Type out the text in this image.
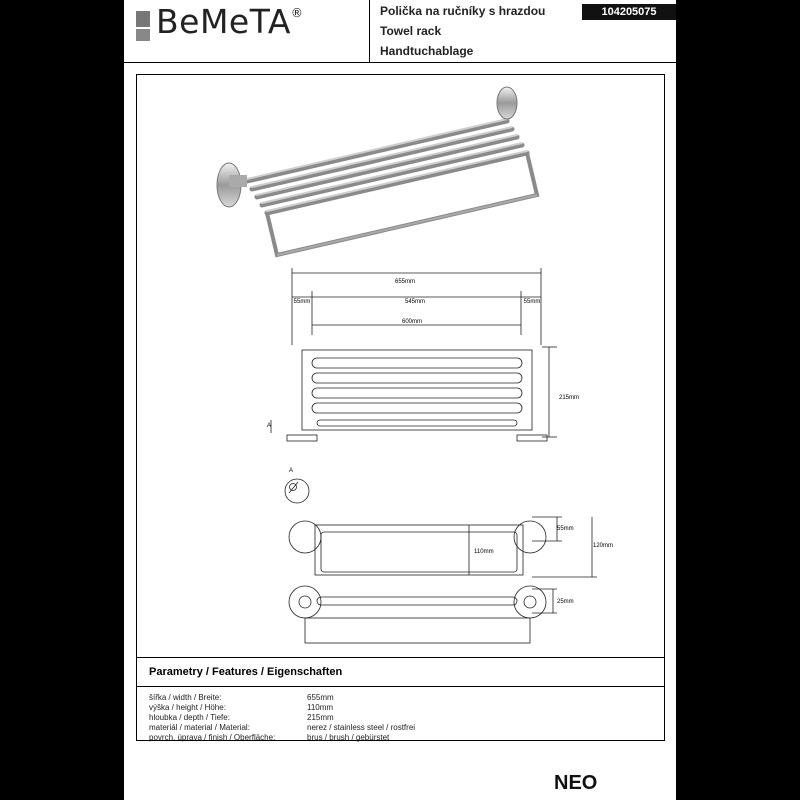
BeMeTA®	Polička na ručníky s hrazdou
Towel rack
Handtuchablage
104205075
655mm
55mm	545mm	55mm
600mm
215mm
A
A
55mm
120mm
110mm
25mm
Parametry / Features / Eigenschaften
šířka / width / Breite:	655mm
výška / height / Höhe:	110mm
hloubka / depth / Tiefe:	215mm
materiál / material / Material:	nerez / stainless steel / rostfrei
povrch. úprava / finish / Oberfläche:	brus / brush / gebürstet
NEO
